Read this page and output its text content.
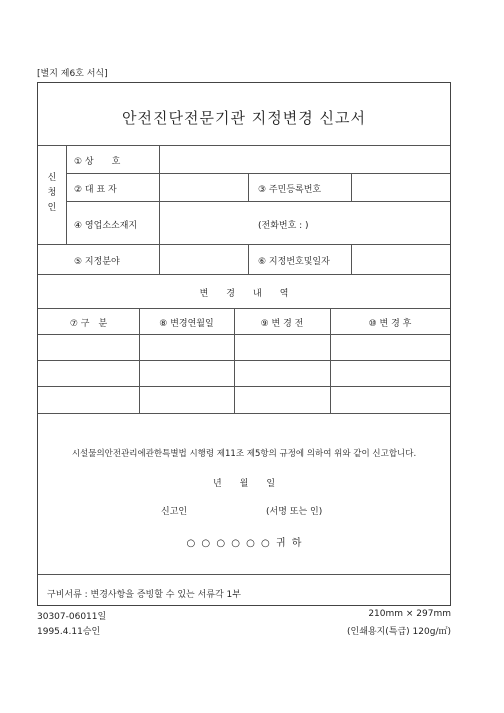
[별지 제6호 서식]
안전진단전문기관 지정변경 신고서
신
청
인
① 상　　호
② 대 표 자	③ 주민등록번호
④ 영업소소재지	(전화번호 : )
⑤ 지정분야	⑥ 지정번호및일자
변　　경　　내　　역
⑦ 구　분	⑧ 변경연월일	⑨ 변 경 전	⑩ 변 경 후
시설물의안전관리에관한특별법 시행령 제11조 제5항의 규정에 의하여 위와 같이 신고합니다.
년　　월　　일
신고인	(서명 또는 인)
○ ○ ○ ○ ○ ○ 귀 하
구비서류 : 변경사항을 증빙할 수 있는 서류각 1부
30307-06011일
1995.4.11승인
210mm × 297mm
(인쇄용지(특급) 120g/㎡)
